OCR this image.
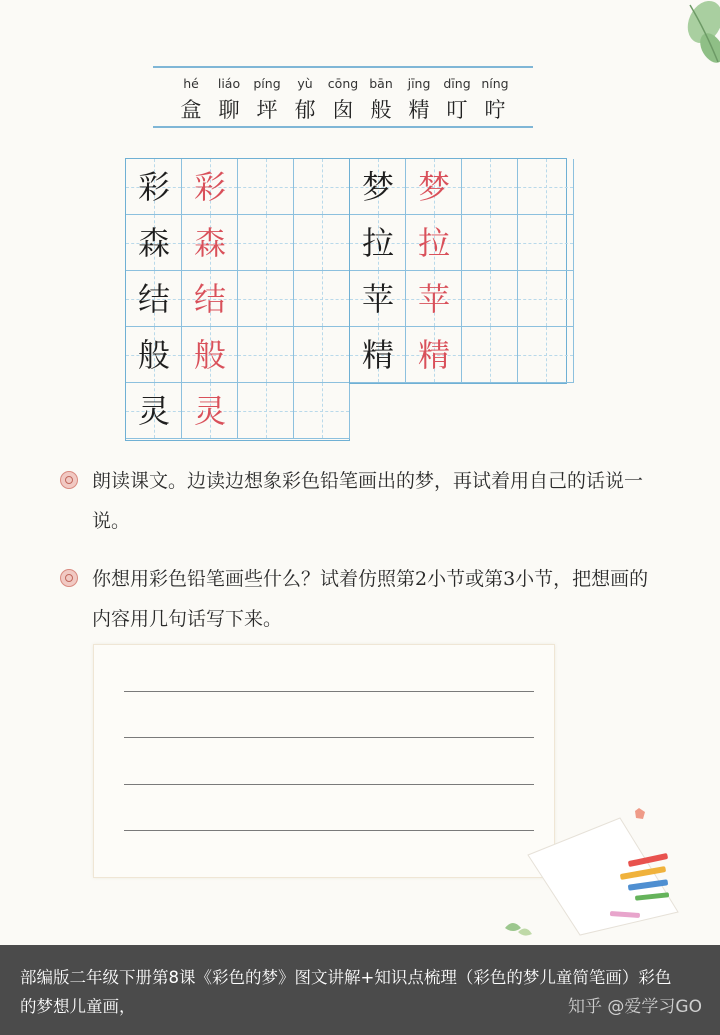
hé
盒
liáo
聊
píng
坪
yù
郁
cōng
囱
bān
般
jīng
精
dīng
叮
níng
咛
彩 彩
森 森
结 结
般 般
灵 灵
梦 梦
拉 拉
苹 苹
精 精
朗读课文。边读边想象彩色铅笔画出的梦，再试着用自己的话说一说。
你想用彩色铅笔画些什么？试着仿照第2小节或第3小节，把想画的内容用几句话写下来。
部编版二年级下册第8课《彩色的梦》图文讲解+知识点梳理（彩色的梦儿童简笔画）彩色的梦想儿童画，	知乎 @爱学习GO
